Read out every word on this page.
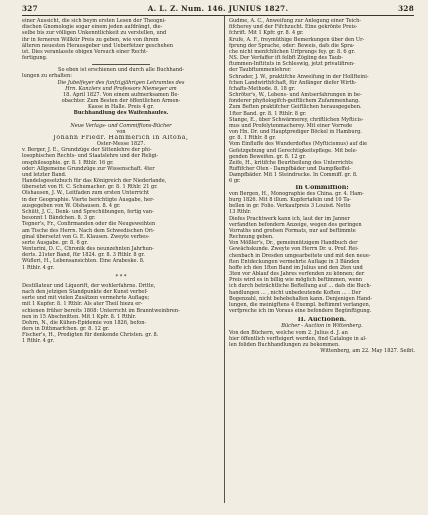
327	A. L. Z. Num. 146. JUNIUS 1827.	328
einer Aussicht, die sich beym ersten Lesen der Theogni-
dischen Gnomologie sogar einem jeden aufdrängt, die-
selbe bis zur völligen Unkenntlichkeit zu verstellen, und
ihr in ferneren Willkür Preis zu geben, wie von ihrem
älteren neuesten Herausgeber und Ueberfetzer geschehen
ist. Dies veranlasste obigen Versuch einer Recht-
fertigung.
So eben ist erschienen und durch alle Buchhand-
lungen zu erhalten:
Die Jubelfeyer des funfzigjährigen Lehramtes des
Hrn. Kanzlers und Professors Niemeyer am
18. April 1827. Von einem aufmerksamen Be-
obachter. Zum Besten der öffentlichen Armen-
Kasse in Halle. Preis 4 gr.
Buchhandlung des Waifenhaufes.
Neue Verlags- und Commiffions-Bücher
von
Johann Friedr. Hammerich in Altona,
Oster-Messe 1827.
v. Berger, J. E., Grundzüge der Sittenlehre der phi-
losophischen Rechts- und Staatslehre und der Religi-
onsphilosophie. gr. 8. 1 Rthlr. 16 gr.
oder: Allgemeine Grundzüge zur Wissenschaft. 4ter
und letzter Band.
Handelsgesetzbuch für das Königreich der Niederlande,
übersetzt von H. C. Schumacher. gr. 8. 1 Rthlr. 21 gr.
Olshausen, J. W., Leitfaden zum ersten Unterricht
in der Geographie. Vierte berichtigte Ausgabe, her-
ausgegeben von W. Olshausen. 8. 4 gr.
Schütt, J. C., Denk- und Sprechübungen, fertig van-
besonnt 1 Bändchen. 8. 3 gr.
Tegner's, Fr., Confirmanden oder die Neugeweihten
am Tische des Herrn. Nach dem Schwedischen Ori-
ginal übersetzt von G. E. Klausen. Zweyte verbes-
serte Ausgabe. gr. 8. 6 gr.
Venturini, D. C., Chronik des neunzehnten Jahrhun-
derts. 21ster Band, für 1824. gr. 8. 3 Rthlr. 8 gr.
Wüfleri, H., Lebensansichten. Eine Arabeske. 8.
1 Rthlr. 4 gr.
* * *
Destillateur und Liquorift, der wohlerfahrne. Dritte,
nach den jetzigen Standpunkte der Kunst verbef-
serte und mit vielen Zusätzen vermehrte Auflage;
mit 1 Kupfer. 8. 1 Rthlr. Als ater Theil hiezu er-
schienen früher bereits 1808: Unterricht im Branntweinbren-
nen in 15 Abschnitten. Mit 1 Kpfr. 8. 1 Rthlr.
Dohrn, N., die Kühen-Epidemie von 1826, befon-
ders in Dithmarfchen. gr. 8. 12 gr.
Fischer's, H., Predigten für denkende Christen. gr. 8.
1 Rthlr. 4 gr.
Gudme, A. C., Anweifung zur Anlegung einer Teich-
fifcherey und der Fifchzucht. Eine gekrönte Preis-
fchrift. Mit 1 Kpfr. gr. 8. 4 gr.
Krufe, A. F., freymüthige Bemerkungen über den Ur-
fprung der Sprache, oder: Beweis, dafs die Spra-
che nicht menfchlichen Urfprungs fey. gr. 8. 6 gr.
NS. Der Verfaffer ift felbft Zögling des Taub-
ftummen-Inftituts in Schleswig, jetzt privatifiren-
der Taubftummenlehrer.
Schrader, J. W., praktifche Anweifung in der Hollfteini-
fchen Landwirthfchaft, für Anfänger diefer Wirth-
fchafts-Methode. 8. 18 gr.
Schröter's, W., Lebens- und Amtserfahrungen in be-
fonderer phyfiologifch-geiftlichem Zufammenhang.
Zum Beften praktifcher Geiftlichen herausgegeben.
1fter Band. gr. 8. 1 Rthlr. 8 gr.
Stange, E., über Schwärmerey, chriftlichen Myfticis-
mus und Profelytenmacherey. Mit einer Vorrede
von Hn. Dr. und Hauptprediger Böckel in Hamburg.
gr. 8. 1 Rthlr. 8 gr.
Vom Einfluffe des Wunderdoftes (Myfticismus) auf die
Gefetzgebung und Gerechtigkeitspflege. Mit bele-
genden Beweifen. gr. 8. 12 gr.
Zeife, H., kritifche Beurtheilung des Unterrichts
Ruffifcher Oten - Dampfbäder und Dampfkeffel-
Dampfbäder. Mit 1 Steindrucke. In Commiff. gr. 8.
6 gr.
In Commiffion:
von Bergen, H., Monographie des China. gr. 4. Ham-
burg 1826. Mit 8 illum. Kupfertafeln und 10 Ta-
bellen in gr. Folio. Verkaufpreis 3 Louisd. Netto
13 Rthlr.
Diefes Prachtwerk kann ich, laut der im Janner
verfandten befondern Anzeige, wegen des geringen
Vorraths und grofsen Formats, nur auf beftimmte
Rechnung geben.
Von Mößler's, Dr., gemeinnützigem Handbuch der
Gewächskunde. Zweyte von Herrn Dr. u. Prof. Rei-
chenbach in Dresden umgearbeitete und mit den neue-
ften Entdeckungen vermehrte Auflage in 3 Bänden
hoffe ich den 1ften Band im Julius und den 2ten und
3ten vor Ablauf des Jahres verfenden zu können; der
Preis wird es in billig wie möglich beftimmen, wenn
ich durch beträchtliche Beftellung auf ... dafs die Buch-
handlungen ... , nicht unbedeutende Koften ... . Der
Bogenzahl, nicht behebehalten kann. Denjenigen Hand-
lungen, die meinigftens 4 Exempl. beftimmt verlangen,
verfpreche ich im Voraus eine befondere Begünftigung.
II. Auctionen.
Bücher - Auction in Wittenberg.
Von den Büchern, welche vom 2. Julius d. J. an
hier öffentlich verfteigert werden, find Cataloge in al-
len foliden Buchhandlungen zu bekommen.
Wittenberg, am 22. May 1827. Seibt.
